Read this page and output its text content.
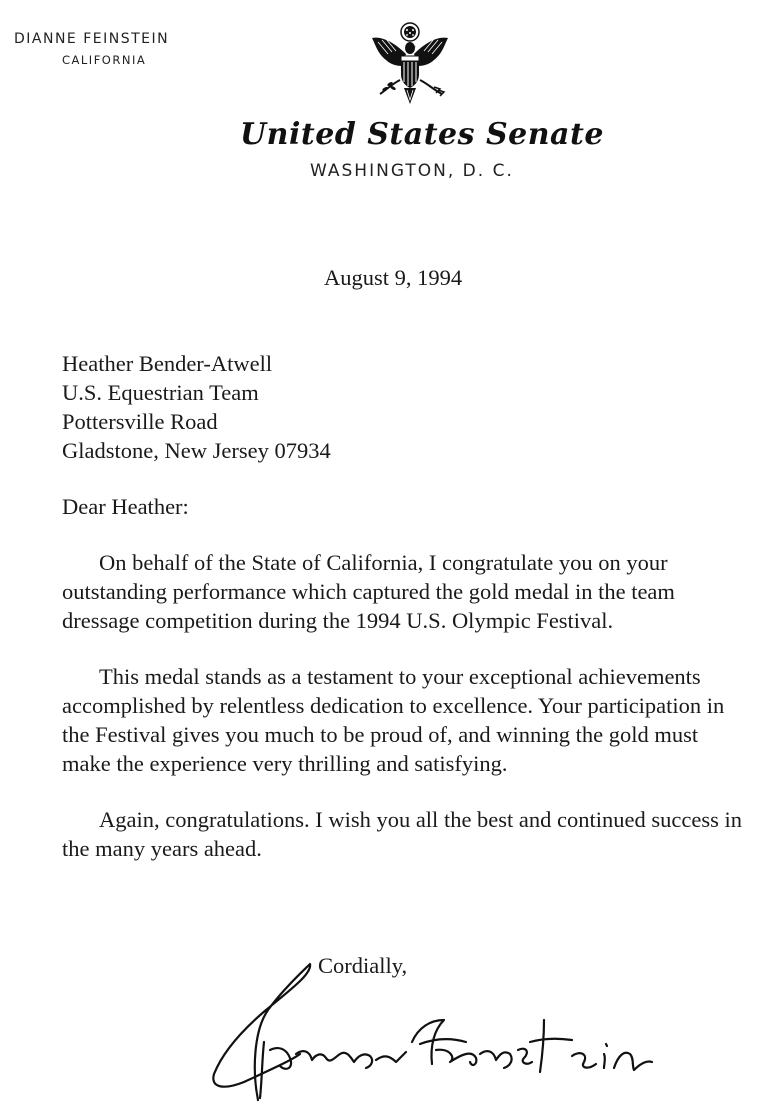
DIANNE FEINSTEIN
CALIFORNIA
United States Senate
WASHINGTON, D. C.
August 9, 1994
Heather Bender-Atwell
U.S. Equestrian Team
Pottersville Road
Gladstone, New Jersey 07934
Dear Heather:

On behalf of the State of California, I congratulate you on your outstanding performance which captured the gold medal in the team dressage competition during the 1994 U.S. Olympic Festival.

This medal stands as a testament to your exceptional achievements accomplished by relentless dedication to excellence. Your participation in the Festival gives you much to be proud of, and winning the gold must make the experience very thrilling and satisfying.

Again, congratulations. I wish you all the best and continued success in the many years ahead.

Cordially,
